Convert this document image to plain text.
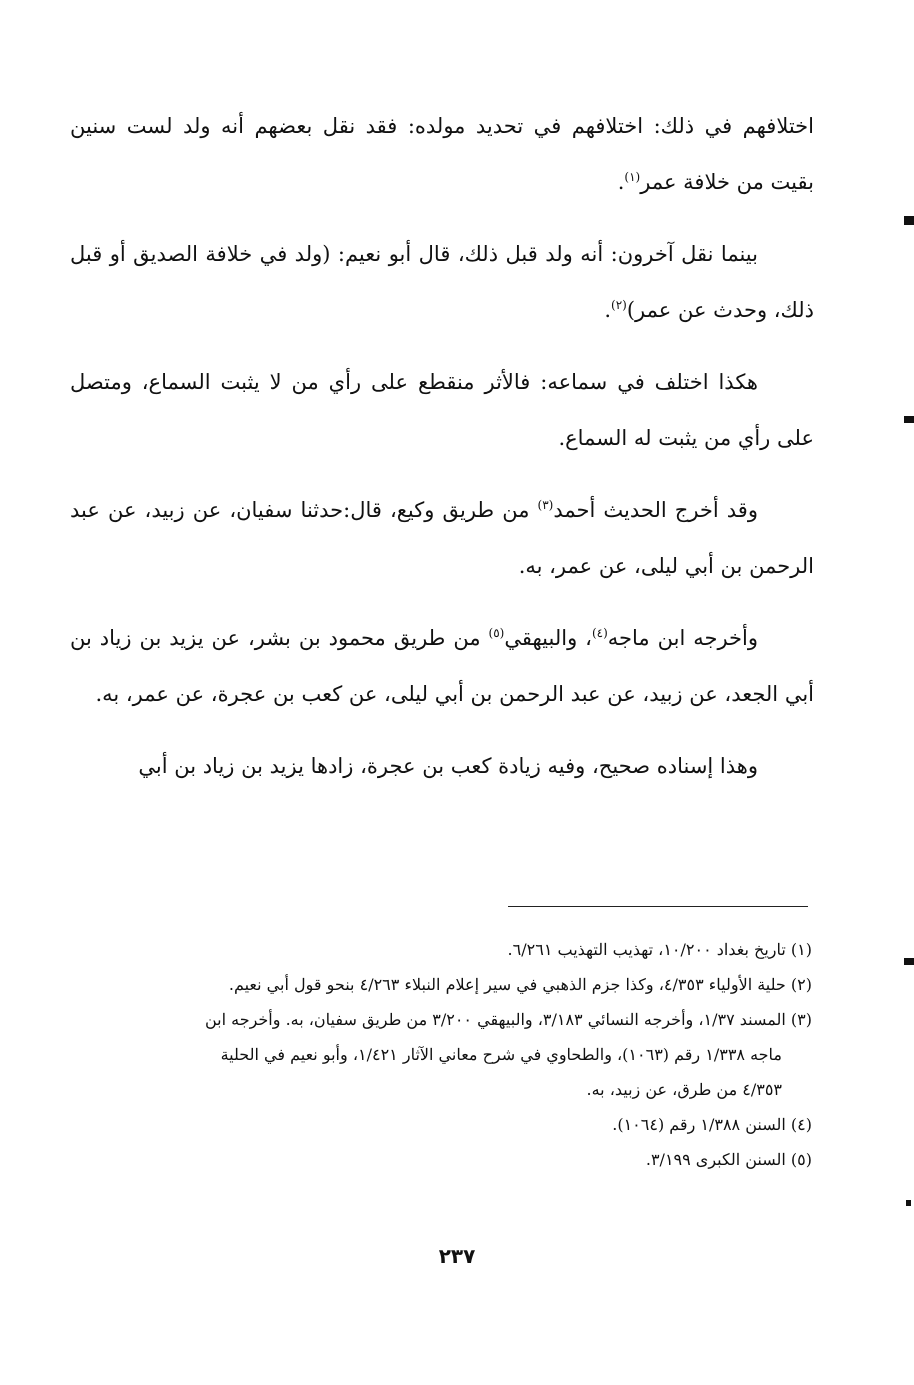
اختلافهم في ذلك: اختلافهم في تحديد مولده: فقد نقل بعضهم أنه ولد لست سنين بقيت من خلافة عمر$^{(١)}$.

بينما نقل آخرون: أنه ولد قبل ذلك، قال أبو نعيم: (ولد في خلافة الصديق أو قبل ذلك، وحدث عن عمر)$^{(٢)}$.

هكذا اختلف في سماعه: فالأثر منقطع على رأي من لا يثبت السماع، ومتصل على رأي من يثبت له السماع.

وقد أخرج الحديث أحمد$^{(٣)}$ من طريق وكيع، قال:حدثنا سفيان، عن زبيد، عن عبد الرحمن بن أبي ليلى، عن عمر، به.

وأخرجه ابن ماجه$^{(٤)}$، والبيهقي$^{(٥)}$ من طريق محمود بن بشر، عن يزيد بن زياد بن أبي الجعد، عن زبيد، عن عبد الرحمن بن أبي ليلى، عن كعب بن عجرة، عن عمر، به.

وهذا إسناده صحيح، وفيه زيادة كعب بن عجرة، زادها يزيد بن زياد بن أبي

(١) تاريخ بغداد ١٠/٢٠٠، تهذيب التهذيب ٦/٢٦١.

(٢) حلية الأولياء ٤/٣٥٣، وكذا جزم الذهبي في سير إعلام النبلاء ٤/٢٦٣ بنحو قول أبي نعيم.

(٣) المسند ١/٣٧، وأخرجه النسائي ٣/١٨٣، والبيهقي ٣/٢٠٠ من طريق سفيان، به. وأخرجه ابن

ماجه ١/٣٣٨ رقم (١٠٦٣)، والطحاوي في شرح معاني الآثار ١/٤٢١، وأبو نعيم في الحلية

٤/٣٥٣ من طرق، عن زبيد، به.

(٤) السنن ١/٣٨٨ رقم (١٠٦٤).

(٥) السنن الكبرى ٣/١٩٩.

٢٣٧
